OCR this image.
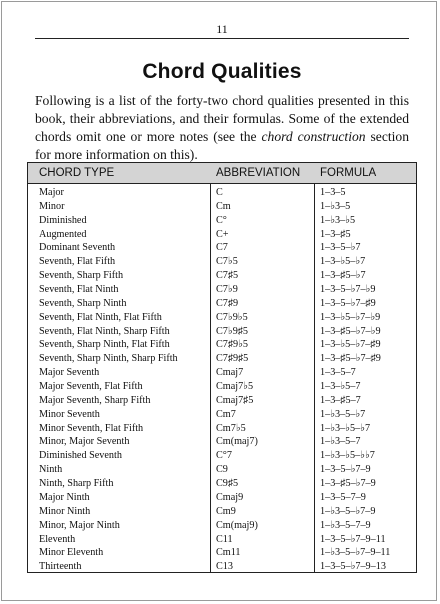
11
Chord Qualities
Following is a list of the forty-two chord qualities presented in this book, their abbreviations, and their formulas. Some of the extended chords omit one or more notes (see the chord construction section for more information on this).
CHORD TYPE	ABBREVIATION FORMULA
Major	C	1–3–5
Minor	Cm	1–♭3–5
Diminished	C°	1–♭3–♭5
Augmented	C+	1–3–♯5
Dominant Seventh	C7	1–3–5–♭7
Seventh, Flat Fifth	C7♭5	1–3–♭5–♭7
Seventh, Sharp Fifth	C7♯5	1–3–♯5–♭7
Seventh, Flat Ninth	C7♭9	1–3–5–♭7–♭9
Seventh, Sharp Ninth	C7♯9	1–3–5–♭7–♯9
Seventh, Flat Ninth, Flat Fifth	C7♭9♭5	1–3–♭5–♭7–♭9
Seventh, Flat Ninth, Sharp Fifth	C7♭9♯5	1–3–♯5–♭7–♭9
Seventh, Sharp Ninth, Flat Fifth	C7♯9♭5	1–3–♭5–♭7–♯9
Seventh, Sharp Ninth, Sharp Fifth	C7♯9♯5	1–3–♯5–♭7–♯9
Major Seventh	Cmaj7	1–3–5–7
Major Seventh, Flat Fifth	Cmaj7♭5	1–3–♭5–7
Major Seventh, Sharp Fifth	Cmaj7♯5	1–3–♯5–7
Minor Seventh	Cm7	1–♭3–5–♭7
Minor Seventh, Flat Fifth	Cm7♭5	1–♭3–♭5–♭7
Minor, Major Seventh	Cm(maj7)	1–♭3–5–7
Diminished Seventh	C°7	1–♭3–♭5–♭♭7
Ninth	C9	1–3–5–♭7–9
Ninth, Sharp Fifth	C9♯5	1–3–♯5–♭7–9
Major Ninth	Cmaj9	1–3–5–7–9
Minor Ninth	Cm9	1–♭3–5–♭7–9
Minor, Major Ninth	Cm(maj9)	1–♭3–5–7–9
Eleventh	C11	1–3–5–♭7–9–11
Minor Eleventh	Cm11	1–♭3–5–♭7–9–11
Thirteenth	C13	1–3–5–♭7–9–13
